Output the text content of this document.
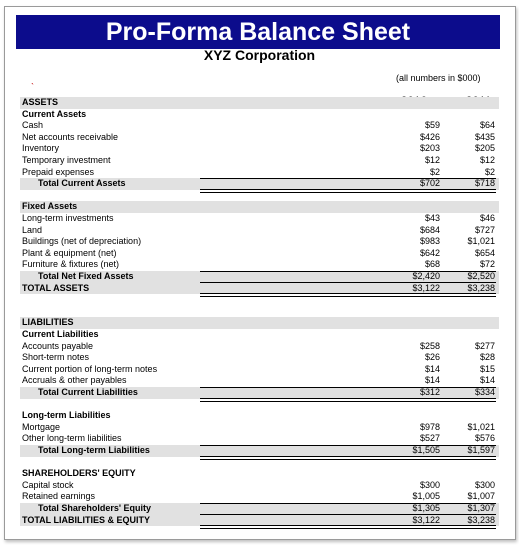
Pro-Forma Balance Sheet
XYZ Corporation
(all numbers in $000)
`
ASSETS
Current Assets
Cash	$59	$64
Net accounts receivable	$426	$435
Inventory	$203	$205
Temporary investment	$12	$12
Prepaid expenses	$2	$2
Total Current Assets	$702	$718
Fixed Assets
Long-term investments	$43	$46
Land	$684	$727
Buildings (net of depreciation)	$983	$1,021
Plant & equipment (net)	$642	$654
Furniture & fixtures (net)	$68	$72
Total Net Fixed Assets	$2,420	$2,520
TOTAL ASSETS	$3,122	$3,238
LIABILITIES
Current Liabilities
Accounts payable	$258	$277
Short-term notes	$26	$28
Current portion of long-term notes	$14	$15
Accruals & other payables	$14	$14
Total Current Liabilities	$312	$334
Long-term Liabilities
Mortgage	$978	$1,021
Other long-term liabilities	$527	$576
Total Long-term Liabilities	$1,505	$1,597
SHAREHOLDERS' EQUITY
Capital stock	$300	$300
Retained earnings	$1,005	$1,007
Total Shareholders' Equity	$1,305	$1,307
TOTAL LIABILITIES & EQUITY	$3,122	$3,238
